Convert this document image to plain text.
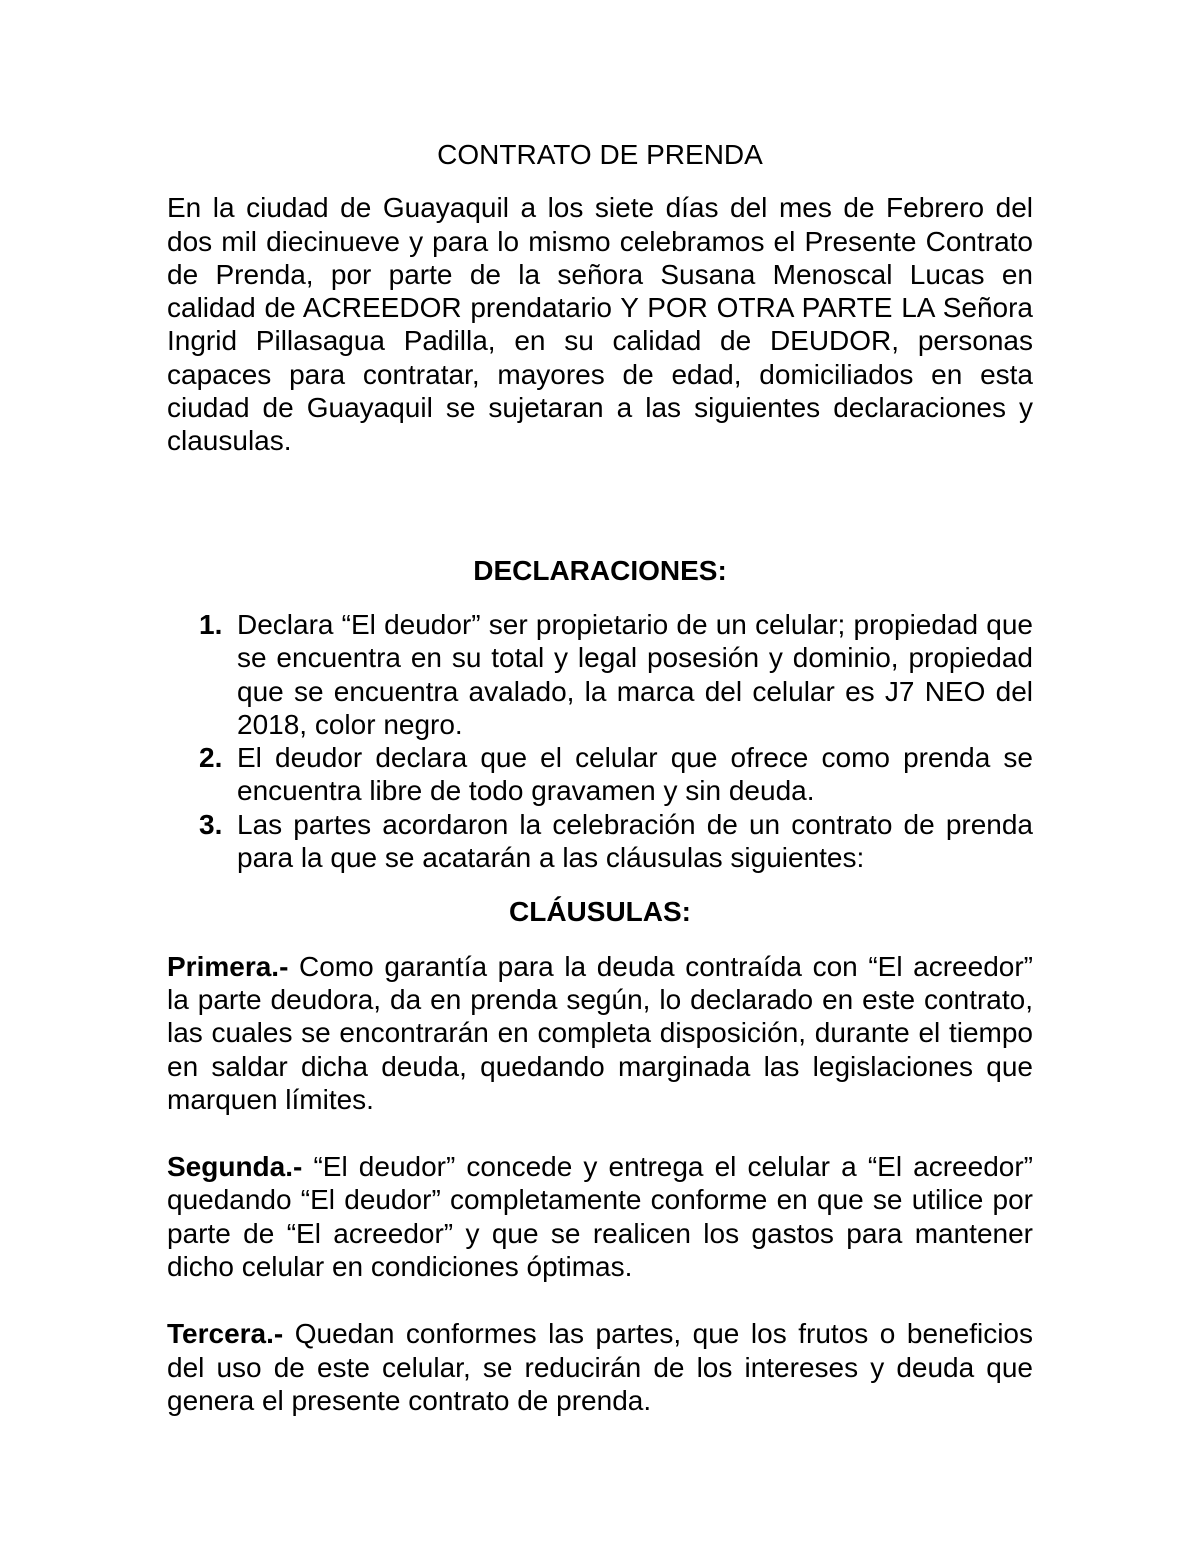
CONTRATO DE PRENDA

En la ciudad de Guayaquil a los siete días del mes de Febrero del dos mil diecinueve y para lo mismo celebramos el Presente Contrato de Prenda, por parte de la señora Susana Menoscal Lucas en calidad de ACREEDOR prendatario Y POR OTRA PARTE LA Señora Ingrid Pillasagua Padilla, en su calidad de DEUDOR, personas capaces para contratar, mayores de edad, domiciliados en esta ciudad de Guayaquil se sujetaran a las siguientes declaraciones y clausulas.

DECLARACIONES:

1. Declara “El deudor” ser propietario de un celular; propiedad que se encuentra en su total y legal posesión y dominio, propiedad que se encuentra avalado, la marca del celular es J7 NEO del 2018, color negro.
2. El deudor declara que el celular que ofrece como prenda se encuentra libre de todo gravamen y sin deuda.
3. Las partes acordaron la celebración de un contrato de prenda para la que se acatarán a las cláusulas siguientes:

CLÁUSULAS:

Primera.- Como garantía para la deuda contraída con “El acreedor” la parte deudora, da en prenda según, lo declarado en este contrato, las cuales se encontrarán en completa disposición, durante el tiempo en saldar dicha deuda, quedando marginada las legislaciones que marquen límites.

Segunda.- “El deudor” concede y entrega el celular a “El acreedor” quedando “El deudor” completamente conforme en que se utilice por parte de “El acreedor” y que se realicen los gastos para mantener dicho celular en condiciones óptimas.

Tercera.- Quedan conformes las partes, que los frutos o beneficios del uso de este celular, se reducirán de los intereses y deuda que genera el presente contrato de prenda.
